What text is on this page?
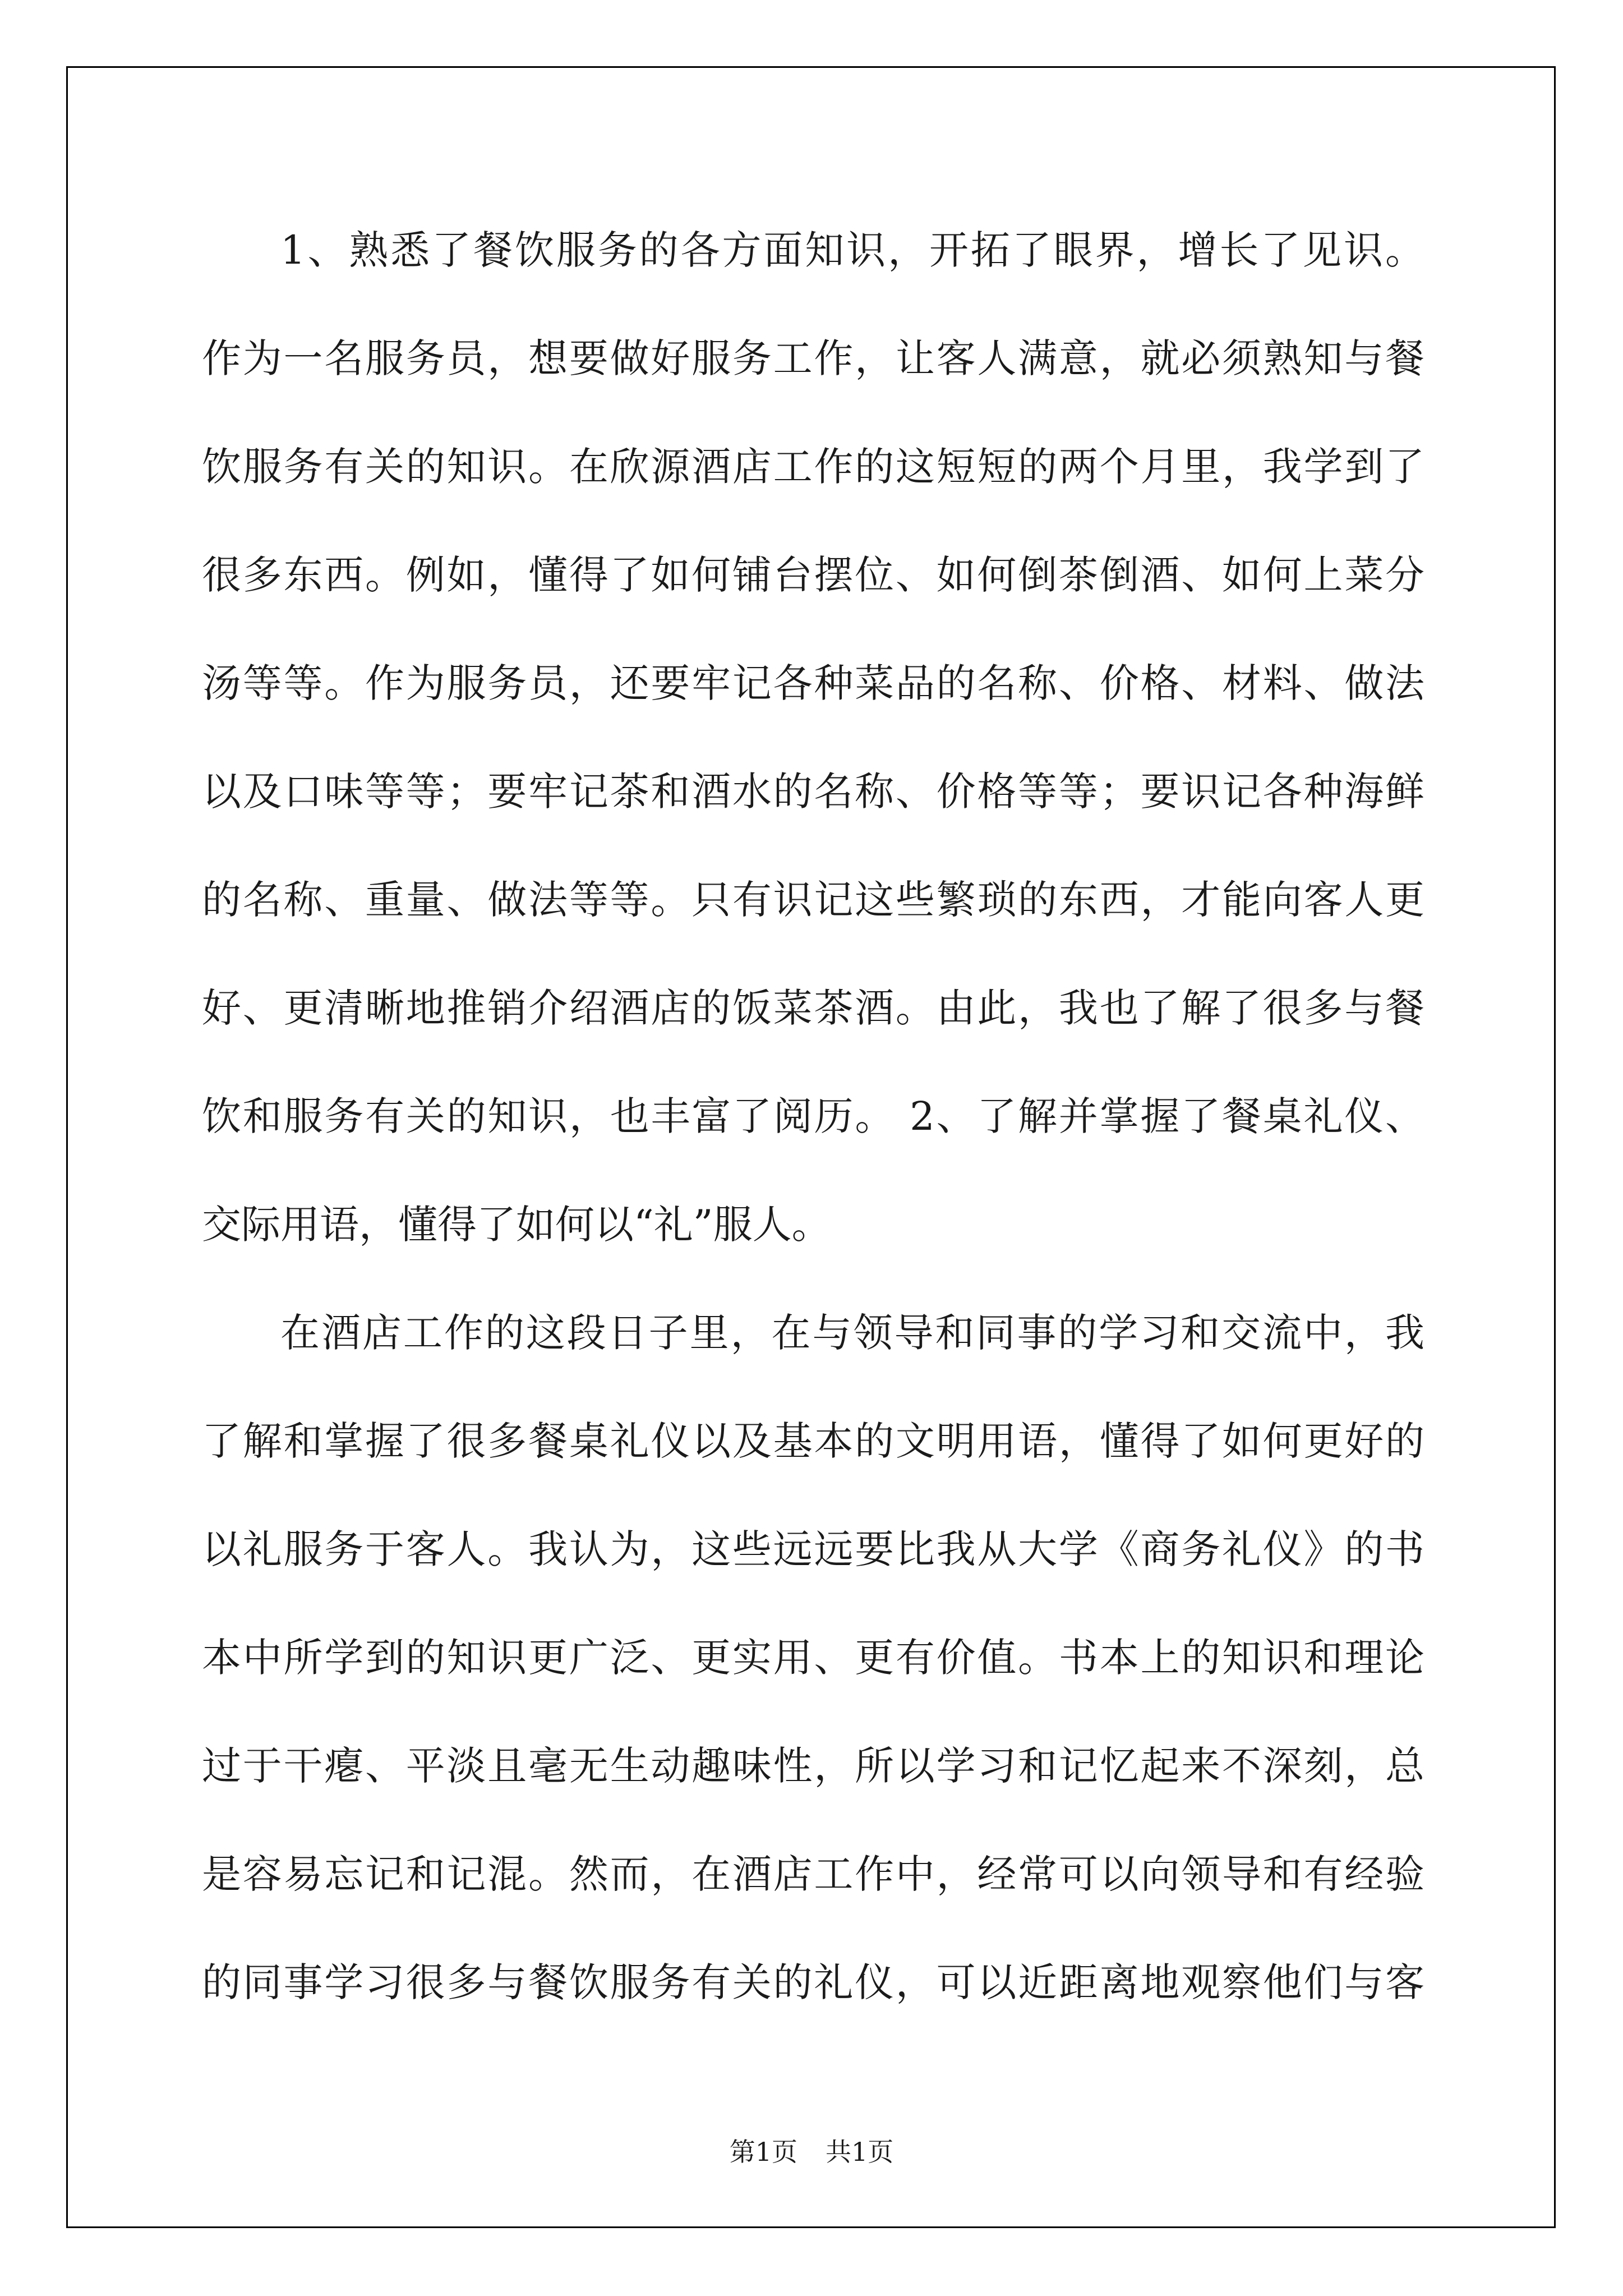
1、熟悉了餐饮服务的各方面知识，开拓了眼界，增长了见识。
作为一名服务员，想要做好服务工作，让客人满意，就必须熟知与餐
饮服务有关的知识。在欣源酒店工作的这短短的两个月里，我学到了
很多东西。例如，懂得了如何铺台摆位、如何倒茶倒酒、如何上菜分
汤等等。作为服务员，还要牢记各种菜品的名称、价格、材料、做法
以及口味等等；要牢记茶和酒水的名称、价格等等；要识记各种海鲜
的名称、重量、做法等等。只有识记这些繁琐的东西，才能向客人更
好、更清晰地推销介绍酒店的饭菜茶酒。由此，我也了解了很多与餐
饮和服务有关的知识，也丰富了阅历。 2、了解并掌握了餐桌礼仪、
交际用语，懂得了如何以“礼”服人。
在酒店工作的这段日子里，在与领导和同事的学习和交流中，我
了解和掌握了很多餐桌礼仪以及基本的文明用语，懂得了如何更好的
以礼服务于客人。我认为，这些远远要比我从大学《商务礼仪》的书
本中所学到的知识更广泛、更实用、更有价值。书本上的知识和理论
过于干瘪、平淡且毫无生动趣味性，所以学习和记忆起来不深刻，总
是容易忘记和记混。然而，在酒店工作中，经常可以向领导和有经验
的同事学习很多与餐饮服务有关的礼仪，可以近距离地观察他们与客
第1页 共1页
